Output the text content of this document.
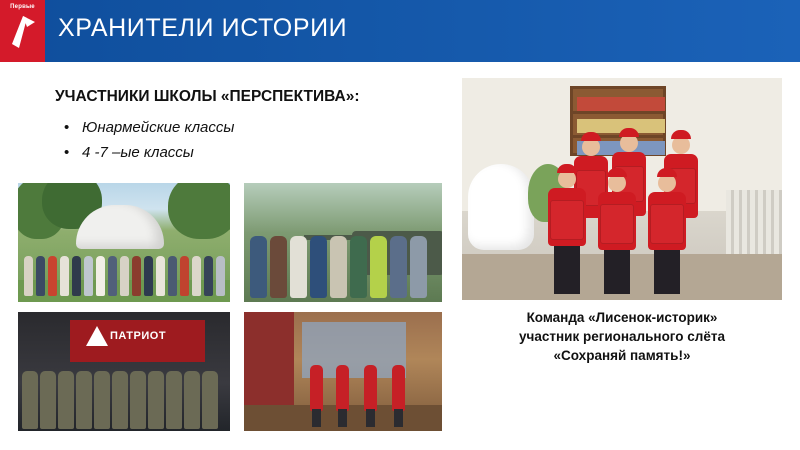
Первые
ХРАНИТЕЛИ ИСТОРИИ
УЧАСТНИКИ ШКОЛЫ «ПЕРСПЕКТИВА»:
• Юнармейские классы
• 4 -7 –ые классы
ПАТРИОТ
Команда «Лисенок-историк»
участник регионального слёта
«Сохраняй память!»
